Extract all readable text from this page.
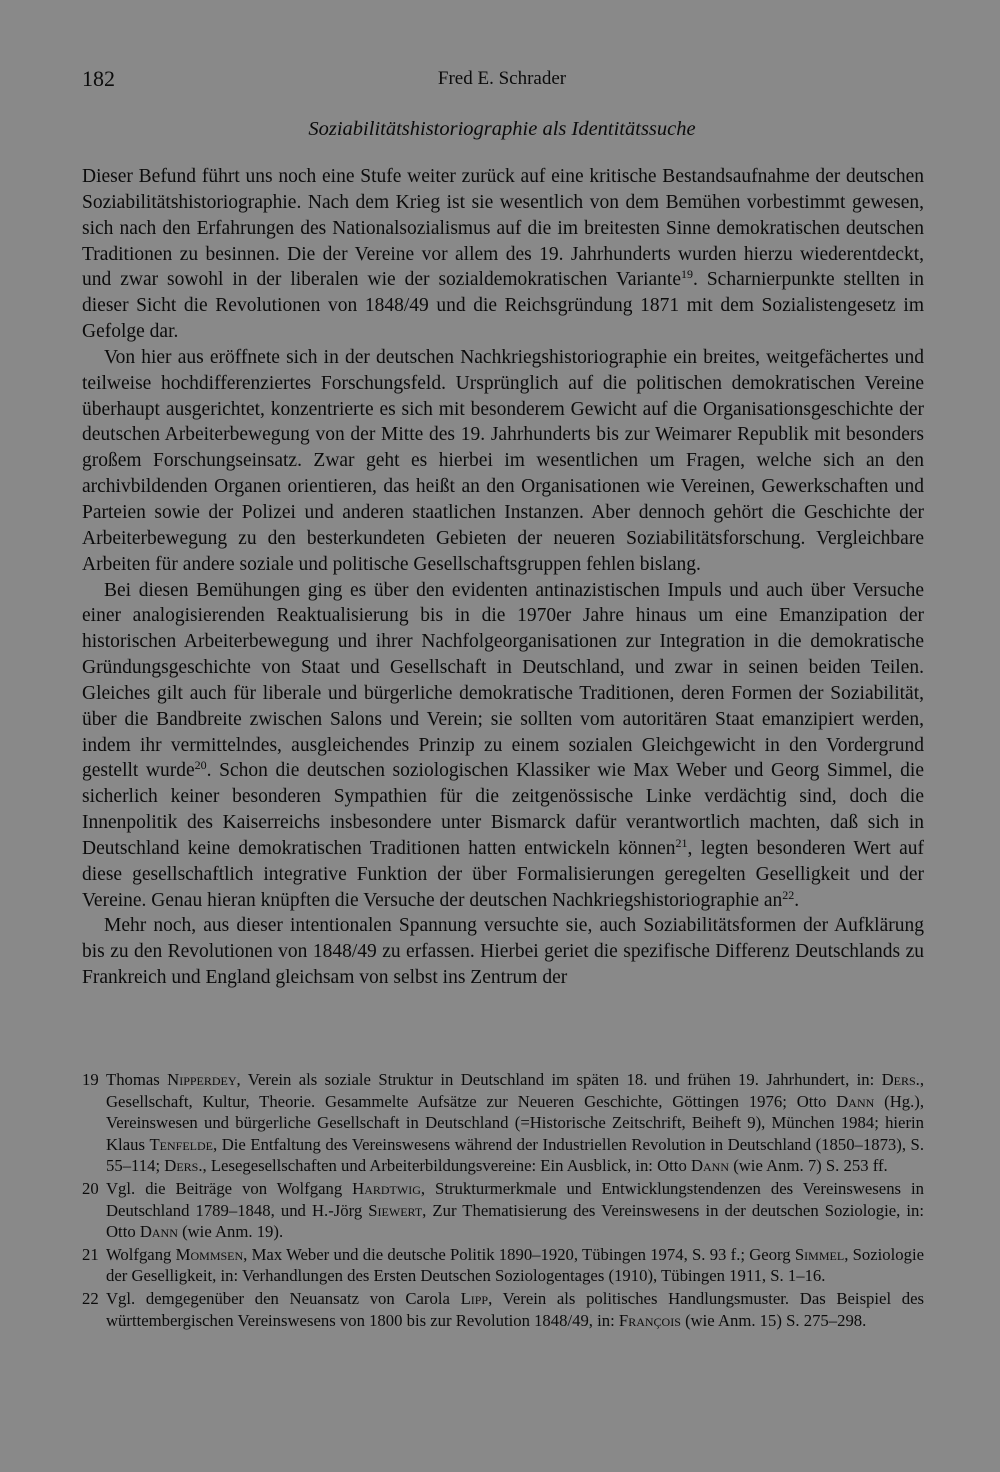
182	Fred E. Schrader
Soziabilitätshistoriographie als Identitätssuche

Dieser Befund führt uns noch eine Stufe weiter zurück auf eine kritische Bestandsaufnahme der deutschen Soziabilitätshistoriographie. Nach dem Krieg ist sie wesentlich von dem Bemühen vorbestimmt gewesen, sich nach den Erfahrungen des Nationalsozialismus auf die im breitesten Sinne demokratischen deutschen Traditionen zu besinnen. Die der Vereine vor allem des 19. Jahrhunderts wurden hierzu wiederentdeckt, und zwar sowohl in der liberalen wie der sozialdemokratischen Variante$^{19}$. Scharnierpunkte stellten in dieser Sicht die Revolutionen von 1848/49 und die Reichsgründung 1871 mit dem Sozialistengesetz im Gefolge dar.

Von hier aus eröffnete sich in der deutschen Nachkriegshistoriographie ein breites, weitgefächertes und teilweise hochdifferenziertes Forschungsfeld. Ursprünglich auf die politischen demokratischen Vereine überhaupt ausgerichtet, konzentrierte es sich mit besonderem Gewicht auf die Organisationsgeschichte der deutschen Arbeiterbewegung von der Mitte des 19. Jahrhunderts bis zur Weimarer Republik mit besonders großem Forschungseinsatz. Zwar geht es hierbei im wesentlichen um Fragen, welche sich an den archivbildenden Organen orientieren, das heißt an den Organisationen wie Vereinen, Gewerkschaften und Parteien sowie der Polizei und anderen staatlichen Instanzen. Aber dennoch gehört die Geschichte der Arbeiterbewegung zu den besterkundeten Gebieten der neueren Soziabilitätsforschung. Vergleichbare Arbeiten für andere soziale und politische Gesellschaftsgruppen fehlen bislang.

Bei diesen Bemühungen ging es über den evidenten antinazistischen Impuls und auch über Versuche einer analogisierenden Reaktualisierung bis in die 1970er Jahre hinaus um eine Emanzipation der historischen Arbeiterbewegung und ihrer Nachfolgeorganisationen zur Integration in die demokratische Gründungsgeschichte von Staat und Gesellschaft in Deutschland, und zwar in seinen beiden Teilen. Gleiches gilt auch für liberale und bürgerliche demokratische Traditionen, deren Formen der Soziabilität, über die Bandbreite zwischen Salons und Verein; sie sollten vom autoritären Staat emanzipiert werden, indem ihr vermittelndes, ausgleichendes Prinzip zu einem sozialen Gleichgewicht in den Vordergrund gestellt wurde$^{20}$. Schon die deutschen soziologischen Klassiker wie Max Weber und Georg Simmel, die sicherlich keiner besonderen Sympathien für die zeitgenössische Linke verdächtig sind, doch die Innenpolitik des Kaiserreichs insbesondere unter Bismarck dafür verantwortlich machten, daß sich in Deutschland keine demokratischen Traditionen hatten entwickeln können$^{21}$, legten besonderen Wert auf diese gesellschaftlich integrative Funktion der über Formalisierungen geregelten Geselligkeit und der Vereine. Genau hieran knüpften die Versuche der deutschen Nachkriegshistoriographie $an^{22}$.

Mehr noch, aus dieser intentionalen Spannung versuchte sie, auch Soziabilitätsformen der Aufklärung bis zu den Revolutionen von 1848/49 zu erfassen. Hierbei geriet die spezifische Differenz Deutschlands zu Frankreich und England gleichsam von selbst ins Zentrum der

19 Thomas Nipperdey, Verein als soziale Struktur in Deutschland im späten 18. und frühen 19. Jahrhundert, in: Ders., Gesellschaft, Kultur, Theorie. Gesammelte Aufsätze zur Neueren Geschichte, Göttingen 1976; Otto Dann (Hg.), Vereinswesen und bürgerliche Gesellschaft in Deutschland (=Historische Zeitschrift, Beiheft 9), München 1984; hierin Klaus Tenfelde, Die Entfaltung des Vereinswesens während der Industriellen Revolution in Deutschland (1850–1873), S. 55–114; Ders., Lesegesellschaften und Arbeiterbildungsvereine: Ein Ausblick, in: Otto Dann (wie Anm. 7) S. 253 ff.
20 Vgl. die Beiträge von Wolfgang Hardtwig, Strukturmerkmale und Entwicklungstendenzen des Vereinswesens in Deutschland 1789–1848, und H.-Jörg Siewert, Zur Thematisierung des Vereinswesens in der deutschen Soziologie, in: Otto Dann (wie Anm. 19).
21 Wolfgang Mommsen, Max Weber und die deutsche Politik 1890–1920, Tübingen 1974, S. 93 f.; Georg Simmel, Soziologie der Geselligkeit, in: Verhandlungen des Ersten Deutschen Soziologentages (1910), Tübingen 1911, S. 1–16.
22 Vgl. demgegenüber den Neuansatz von Carola Lipp, Verein als politisches Handlungsmuster. Das Beispiel des württembergischen Vereinswesens von 1800 bis zur Revolution 1848/49, in: François (wie Anm. 15) S. 275–298.
